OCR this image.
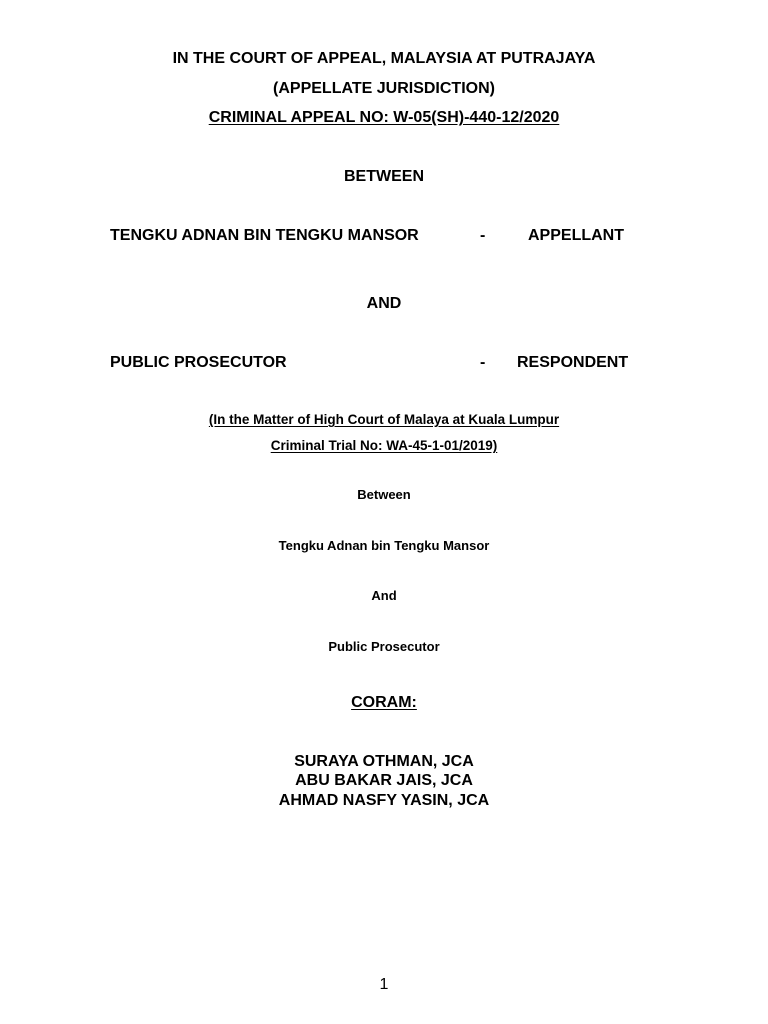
IN THE COURT OF APPEAL, MALAYSIA AT PUTRAJAYA
(APPELLATE JURISDICTION)
CRIMINAL APPEAL NO: W-05(SH)-440-12/2020
BETWEEN
TENGKU ADNAN BIN TENGKU MANSOR	-	APPELLANT
AND
PUBLIC PROSECUTOR	- RESPONDENT
(In the Matter of High Court of Malaya at Kuala Lumpur
Criminal Trial No: WA-45-1-01/2019)
Between
Tengku Adnan bin Tengku Mansor
And
Public Prosecutor
CORAM:
SURAYA OTHMAN, JCA
ABU BAKAR JAIS, JCA
AHMAD NASFY YASIN, JCA
1
